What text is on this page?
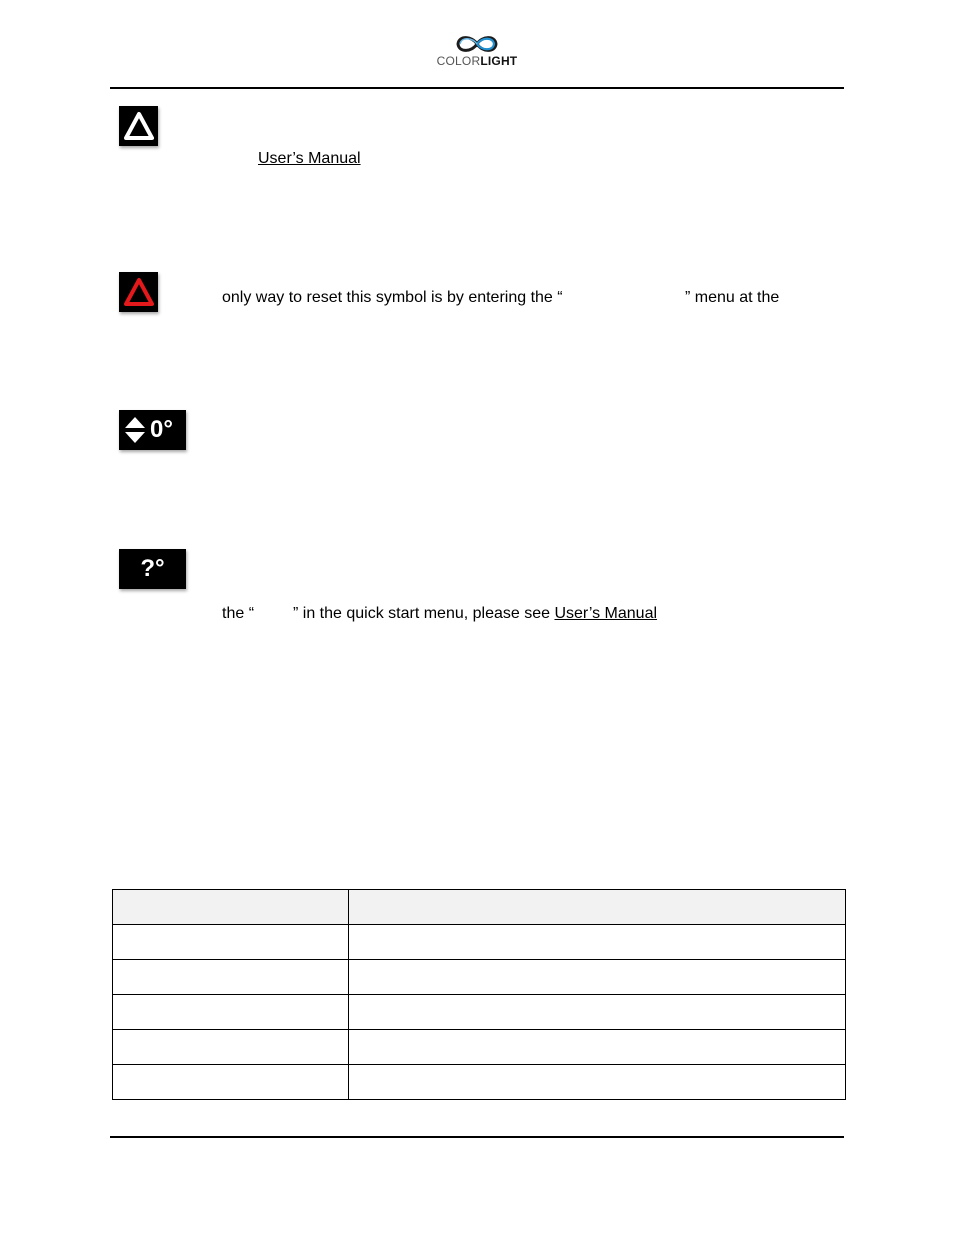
COLORLIGHT
User’s Manual
only way to reset this symbol is by entering the “	” menu at the
0°
?°
the “ ” in the quick start menu, please see User’s Manual
